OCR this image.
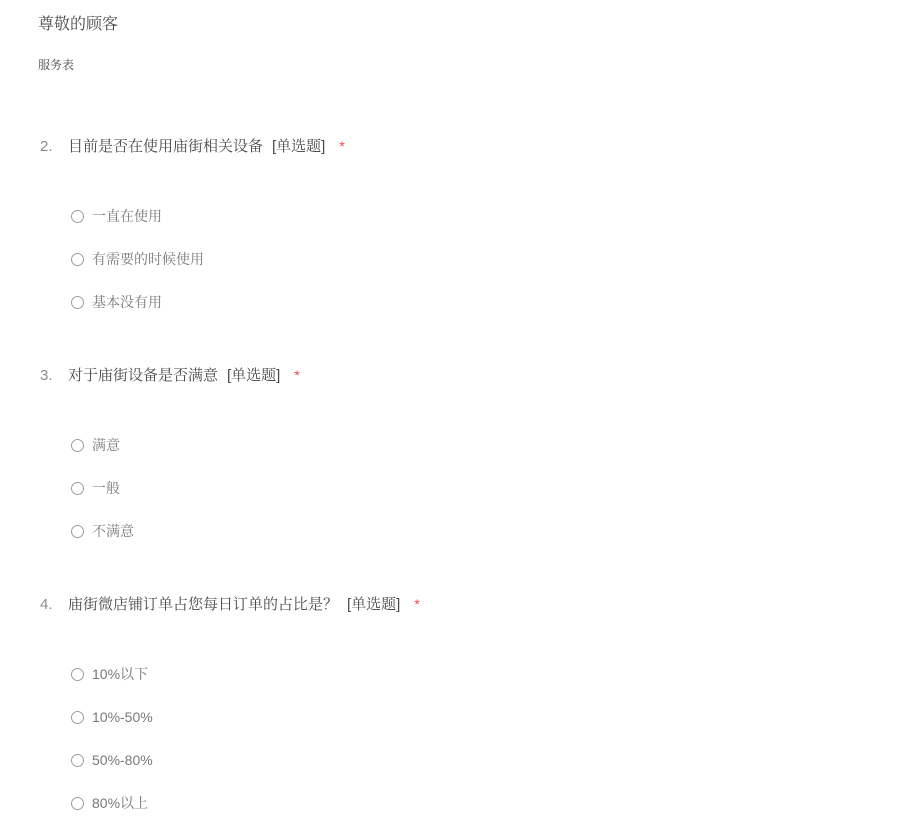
尊敬的顾客
服务表
2.	目前是否在使用庙街相关设备 [单选题] *
一直在使用
有需要的时候使用
基本没有用
3.	对于庙街设备是否满意 [单选题] *
满意
一般
不满意
4.	庙街微店铺订单占您每日订单的占比是？ [单选题] *
10%以下
10%-50%
50%-80%
80%以上
